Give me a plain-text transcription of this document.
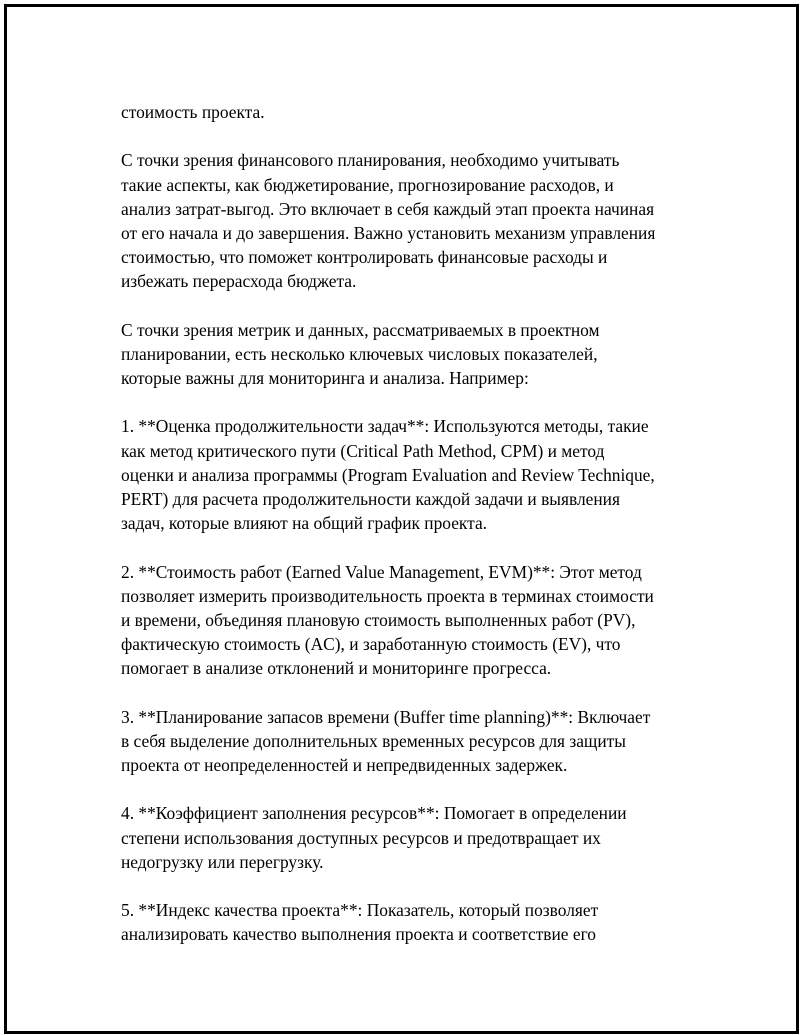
стоимость проекта.

С точки зрения финансового планирования, необходимо учитывать
такие аспекты, как бюджетирование, прогнозирование расходов, и
анализ затрат-выгод. Это включает в себя каждый этап проекта начиная
от его начала и до завершения. Важно установить механизм управления
стоимостью, что поможет контролировать финансовые расходы и
избежать перерасхода бюджета.

С точки зрения метрик и данных, рассматриваемых в проектном
планировании, есть несколько ключевых числовых показателей,
которые важны для мониторинга и анализа. Например:

1. **Оценка продолжительности задач**: Используются методы, такие
как метод критического пути (Critical Path Method, CPM) и метод
оценки и анализа программы (Program Evaluation and Review Technique,
PERT) для расчета продолжительности каждой задачи и выявления
задач, которые влияют на общий график проекта.

2. **Стоимость работ (Earned Value Management, EVM)**: Этот метод
позволяет измерить производительность проекта в терминах стоимости
и времени, объединяя плановую стоимость выполненных работ (PV),
фактическую стоимость (AC), и заработанную стоимость (EV), что
помогает в анализе отклонений и мониторинге прогресса.

3. **Планирование запасов времени (Buffer time planning)**: Включает
в себя выделение дополнительных временных ресурсов для защиты
проекта от неопределенностей и непредвиденных задержек.

4. **Коэффициент заполнения ресурсов**: Помогает в определении
степени использования доступных ресурсов и предотвращает их
недогрузку или перегрузку.

5. **Индекс качества проекта**: Показатель, который позволяет
анализировать качество выполнения проекта и соответствие его
